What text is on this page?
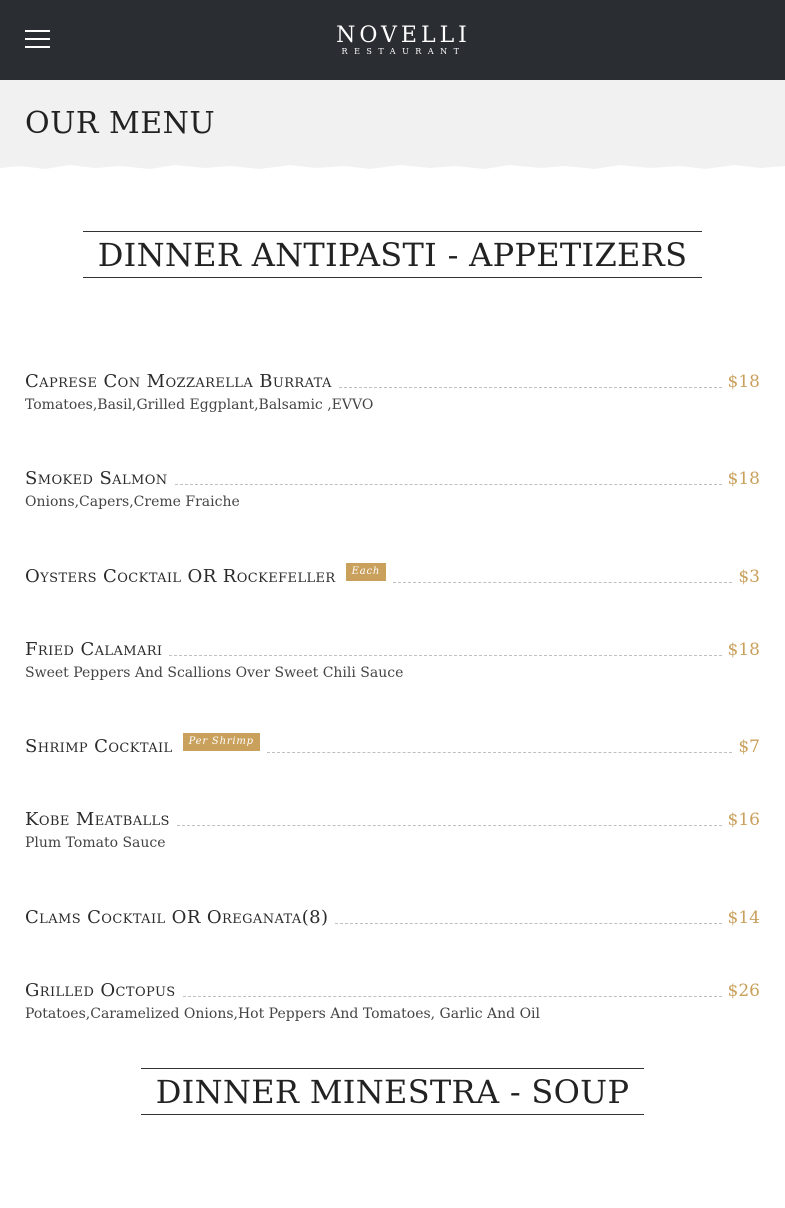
NOVELLI
RESTAURANT
OUR MENU
DINNER ANTIPASTI - APPETIZERS
Caprese Con Mozzarella Burrata	$18
Tomatoes,Basil,Grilled Eggplant,Balsamic ,EVVO
Smoked Salmon	$18
Onions,Capers,Creme Fraiche
Oysters Cocktail OR Rockefeller	Each	$3
Fried Calamari	$18
Sweet Peppers And Scallions Over Sweet Chili Sauce
Shrimp Cocktail	Per Shrimp	$7
Kobe Meatballs	$16
Plum Tomato Sauce
Clams Cocktail OR Oreganata(8)	$14
Grilled Octopus	$26
Potatoes,Caramelized Onions,Hot Peppers And Tomatoes, Garlic And Oil
DINNER MINESTRA - SOUP
